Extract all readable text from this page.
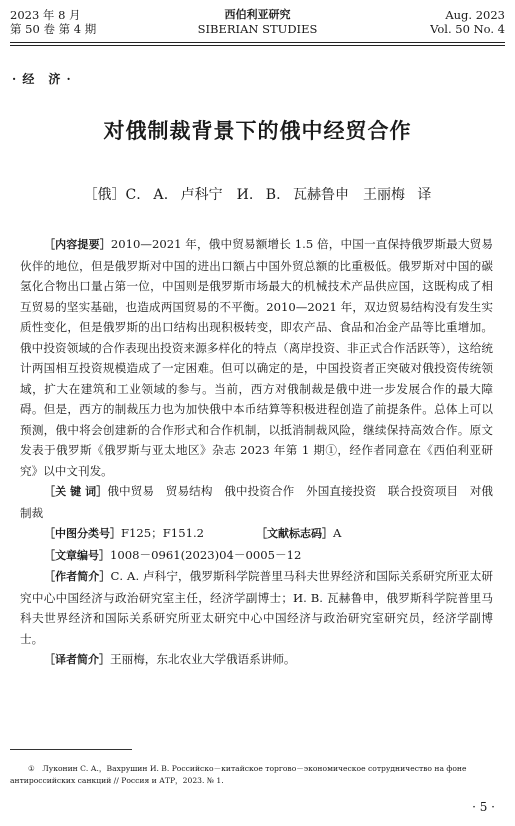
2023 年 8 月
第 50 卷 第 4 期
西伯利亚研究
SIBERIAN STUDIES
Aug. 2023
Vol. 50 No. 4
· 经　济 ·
对俄制裁背景下的俄中经贸合作
［俄］С. А. 卢科宁　И. В. 瓦赫鲁申　王丽梅 译

［内容提要］2010—2021 年，俄中贸易额增长 1.5 倍，中国一直保持俄罗斯最大贸易伙伴的地位，但是俄罗斯对中国的进出口额占中国外贸总额的比重极低。俄罗斯对中国的碳氢化合物出口量占第一位，中国则是俄罗斯市场最大的机械技术产品供应国，这既构成了相互贸易的坚实基础，也造成两国贸易的不平衡。2010—2021 年，双边贸易结构没有发生实质性变化，但是俄罗斯的出口结构出现积极转变，即农产品、食品和冶金产品等比重增加。俄中投资领域的合作表现出投资来源多样化的特点（离岸投资、非正式合作活跃等），这给统计两国相互投资规模造成了一定困难。但可以确定的是，中国投资者正突破对俄投资传统领域，扩大在建筑和工业领域的参与。当前，西方对俄制裁是俄中进一步发展合作的最大障碍。但是，西方的制裁压力也为加快俄中本币结算等积极进程创造了前提条件。总体上可以预测，俄中将会创建新的合作形式和合作机制，以抵消制裁风险，继续保持高效合作。原文发表于俄罗斯《俄罗斯与亚太地区》杂志 2023 年第 1 期①，经作者同意在《西伯利亚研究》以中文刊发。

［关 键 词］俄中贸易　贸易结构　俄中投资合作　外国直接投资　联合投资项目　对俄制裁

［中图分类号］F125；F151.2	［文献标志码］A

［文章编号］1008－0961(2023)04－0005－12

［作者简介］С. А. 卢科宁，俄罗斯科学院普里马科夫世界经济和国际关系研究所亚太研究中心中国经济与政治研究室主任，经济学副博士；И. В. 瓦赫鲁申，俄罗斯科学院普里马科夫世界经济和国际关系研究所亚太研究中心中国经济与政治研究室研究员，经济学副博士。

［译者简介］王丽梅，东北农业大学俄语系讲师。

①　Луконин С. А.，Вахрушин И. В. Российско－китайское торгово－экономическое сотрудничество на фоне антироссийских санкций // Россия и АТР，2023. № 1.

· 5 ·
